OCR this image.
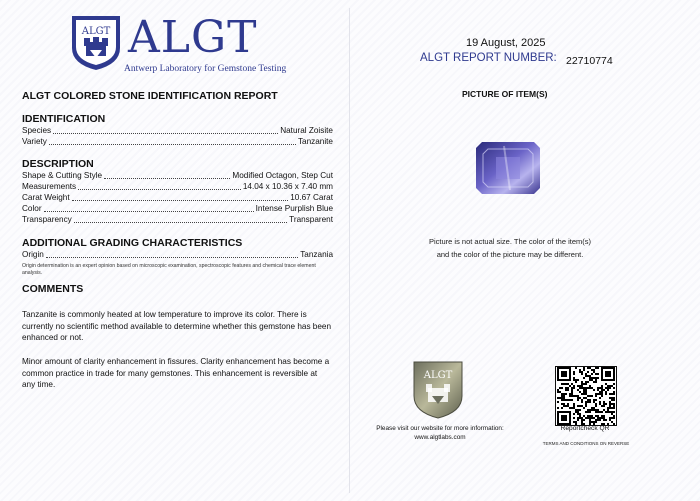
ALGT ALGT
Antwerp Laboratory for Gemstone Testing
ALGT COLORED STONE IDENTIFICATION REPORT
IDENTIFICATION
Species	Natural Zoisite
Variety	Tanzanite
DESCRIPTION
Shape & Cutting Style	Modified Octagon, Step Cut
Measurements	14.04 x 10.36 x 7.40 mm
Carat Weight	10.67 Carat
Color	Intense Purplish Blue
Transparency	Transparent
ADDITIONAL GRADING CHARACTERISTICS
Origin	Tanzania
Origin determination is an expert opinion based on microscopic examination, spectroscopic features and chemical trace element analysis.
COMMENTS
Tanzanite is commonly heated at low temperature to improve its color. There is currently no scientific method available to determine whether this gemstone has been enhanced or not.
Minor amount of clarity enhancement in fissures. Clarity enhancement has become a common practice in trade for many gemstones. This enhancement is reversible at any time.
19 August, 2025
ALGT REPORT NUMBER: 22710774
PICTURE OF ITEM(S)
Picture is not actual size. The color of the item(s)
and the color of the picture may be different.
ALGT
Please visit our website for more information:
www.algtlabs.com
Reportcheck QR
TERMS AND CONDITIONS ON REVERSE
